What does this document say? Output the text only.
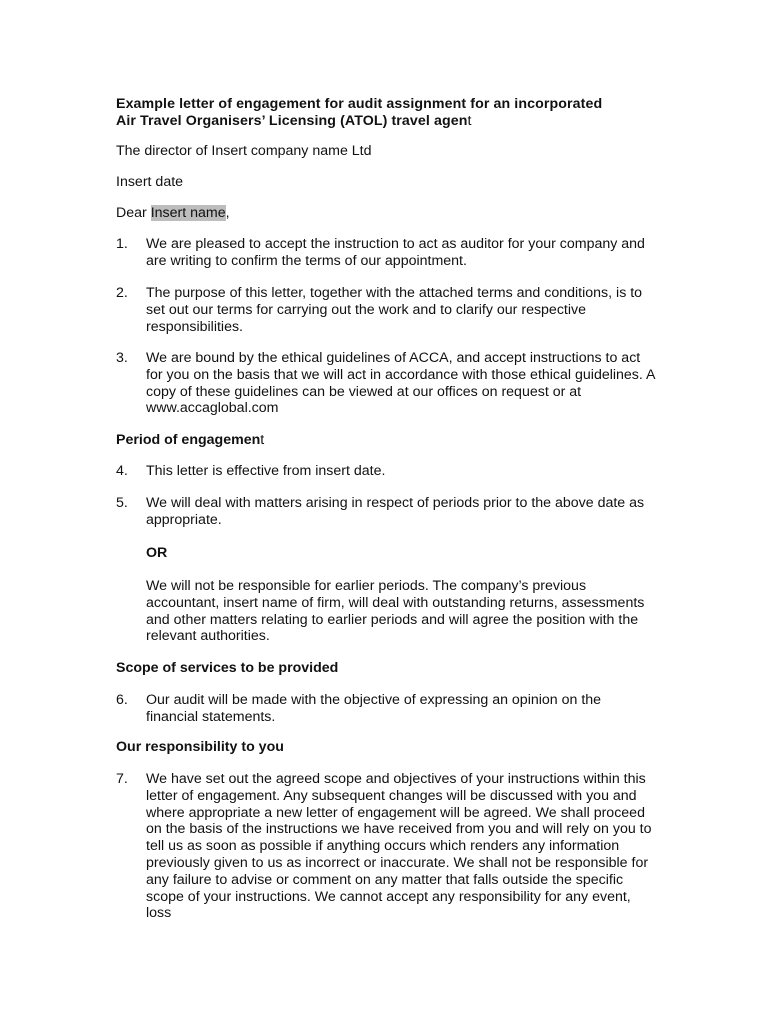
Example letter of engagement for audit assignment for an incorporated

Air Travel Organisers’ Licensing (ATOL) travel agent

The director of Insert company name Ltd

Insert date

Dear Insert name,

1.	We are pleased to accept the instruction to act as auditor for your company and are writing to confirm the terms of our appointment.
2.	The purpose of this letter, together with the attached terms and conditions, is to set out our terms for carrying out the work and to clarify our respective responsibilities.
3.	We are bound by the ethical guidelines of ACCA, and accept instructions to act for you on the basis that we will act in accordance with those ethical guidelines. A copy of these guidelines can be viewed at our offices on request or at www.accaglobal.com

Period of engagement

4.	This letter is effective from insert date.
5.	We will deal with matters arising in respect of periods prior to the above date as appropriate.

OR

We will not be responsible for earlier periods. The company’s previous accountant, insert name of firm, will deal with outstanding returns, assessments and other matters relating to earlier periods and will agree the position with the relevant authorities.

Scope of services to be provided

6.	Our audit will be made with the objective of expressing an opinion on the financial statements.

Our responsibility to you

7.	We have set out the agreed scope and objectives of your instructions within this letter of engagement. Any subsequent changes will be discussed with you and where appropriate a new letter of engagement will be agreed. We shall proceed on the basis of the instructions we have received from you and will rely on you to tell us as soon as possible if anything occurs which renders any information previously given to us as incorrect or inaccurate. We shall not be responsible for any failure to advise or comment on any matter that falls outside the specific scope of your instructions. We cannot accept any responsibility for any event, loss
